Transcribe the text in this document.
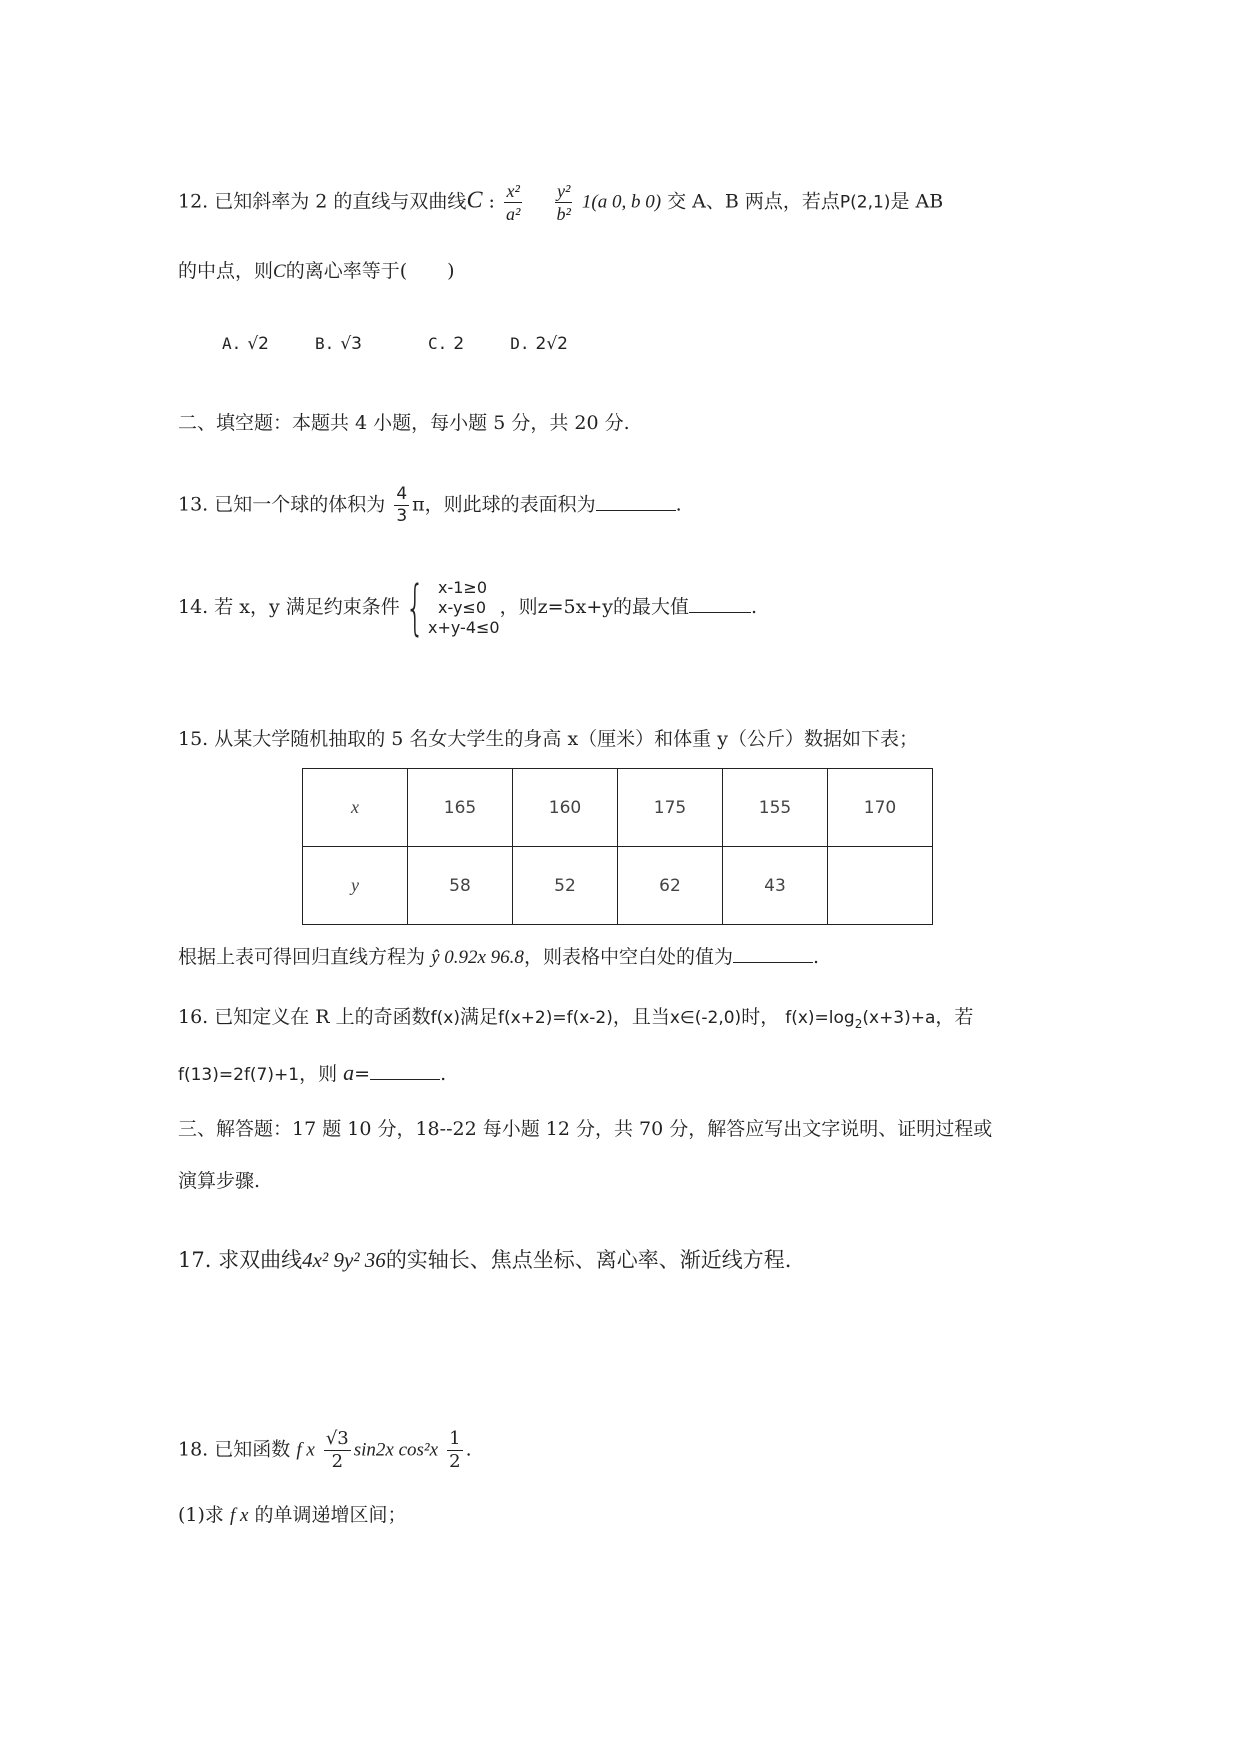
12. 已知斜率为 2 的直线与双曲线C : $\frac{\text{x²}}{\text{a²}}$
$\frac{\text{y²}}{\text{b²}} 1(a$ 0, b 0) 交 A、B 两点，若点P(2,1)是 AB
的中点，则C的离心率等于( )
A. √2	B. √3	C. 2	D. 2√2
二、填空题：本题共 4 小题，每小题 5 分，共 20 分.
13. 已知一个球的体积为 $\frac{4}{3}$ π，则此球的表面积为	.
14. 若 x，y 满足约束条件{ x-1≥0
x-y≤0
x+y-4≤0
，则z=5x+y的最大值	.
15. 从某大学随机抽取的 5 名女大学生的身高 x（厘米）和体重 y（公斤）数据如下表；
x	165	160	175	155	170
y	58	52	62	43	
根据上表可得回归直线方程为 ŷ 0.92x 96.8，则表格中空白处的值为	.
16. 已知定义在 R 上的奇函数f(x)满足f(x+2)=f(x-2)，且当x∈(-2,0)时， $f(x)=\log_2(x+3)+a$，若
f(13)=2f(7)+1，则 a=	.
三、解答题：17 题 10 分，18--22 每小题 12 分，共 70 分，解答应写出文字说明、证明过程或
演算步骤.
17. 求双曲线4x² 9y² 36的实轴长、焦点坐标、离心率、渐近线方程.
18. 已知函数 f x $\frac{√3}{2} \sin 2x$ $\cos^2x \frac{1}{2}$ .
(1)求 f x 的单调递增区间；
